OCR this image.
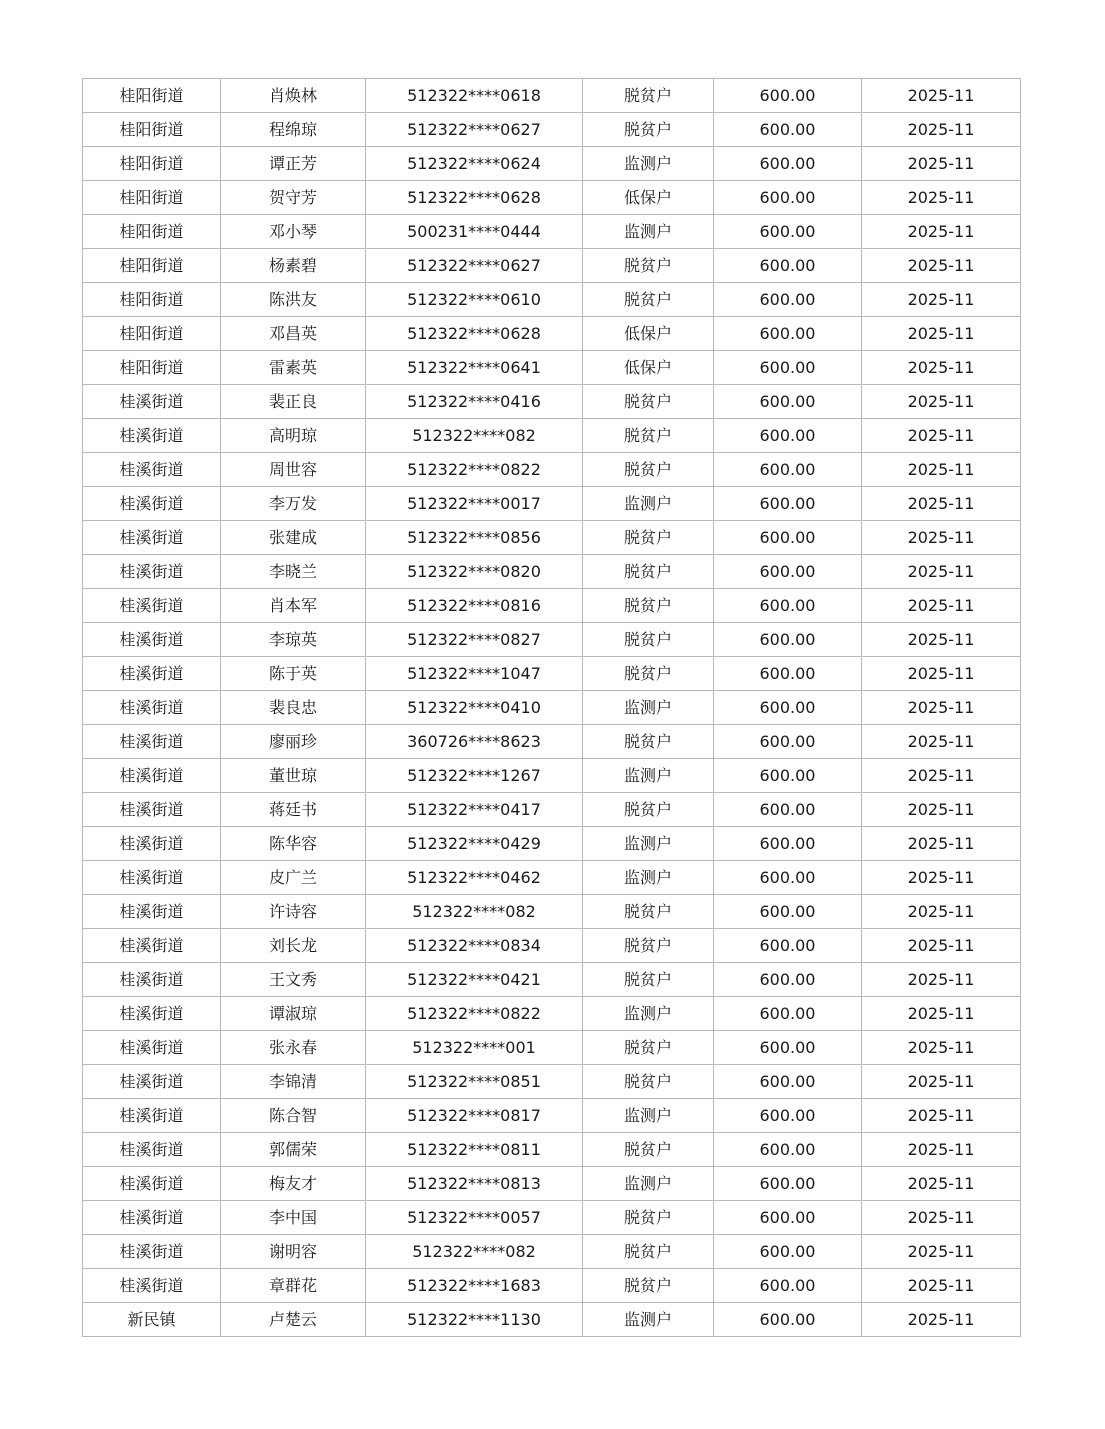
桂阳街道	肖焕林	512322****0618	脱贫户	600.00	2025-11
桂阳街道	程绵琼	512322****0627	脱贫户	600.00	2025-11
桂阳街道	谭正芳	512322****0624	监测户	600.00	2025-11
桂阳街道	贺守芳	512322****0628	低保户	600.00	2025-11
桂阳街道	邓小琴	500231****0444	监测户	600.00	2025-11
桂阳街道	杨素碧	512322****0627	脱贫户	600.00	2025-11
桂阳街道	陈洪友	512322****0610	脱贫户	600.00	2025-11
桂阳街道	邓昌英	512322****0628	低保户	600.00	2025-11
桂阳街道	雷素英	512322****0641	低保户	600.00	2025-11
桂溪街道	裴正良	512322****0416	脱贫户	600.00	2025-11
桂溪街道	高明琼	512322****082	脱贫户	600.00	2025-11
桂溪街道	周世容	512322****0822	脱贫户	600.00	2025-11
桂溪街道	李万发	512322****0017	监测户	600.00	2025-11
桂溪街道	张建成	512322****0856	脱贫户	600.00	2025-11
桂溪街道	李晓兰	512322****0820	脱贫户	600.00	2025-11
桂溪街道	肖本军	512322****0816	脱贫户	600.00	2025-11
桂溪街道	李琼英	512322****0827	脱贫户	600.00	2025-11
桂溪街道	陈于英	512322****1047	脱贫户	600.00	2025-11
桂溪街道	裴良忠	512322****0410	监测户	600.00	2025-11
桂溪街道	廖丽珍	360726****8623	脱贫户	600.00	2025-11
桂溪街道	董世琼	512322****1267	监测户	600.00	2025-11
桂溪街道	蒋廷书	512322****0417	脱贫户	600.00	2025-11
桂溪街道	陈华容	512322****0429	监测户	600.00	2025-11
桂溪街道	皮广兰	512322****0462	监测户	600.00	2025-11
桂溪街道	许诗容	512322****082	脱贫户	600.00	2025-11
桂溪街道	刘长龙	512322****0834	脱贫户	600.00	2025-11
桂溪街道	王文秀	512322****0421	脱贫户	600.00	2025-11
桂溪街道	谭淑琼	512322****0822	监测户	600.00	2025-11
桂溪街道	张永春	512322****001	脱贫户	600.00	2025-11
桂溪街道	李锦清	512322****0851	脱贫户	600.00	2025-11
桂溪街道	陈合智	512322****0817	监测户	600.00	2025-11
桂溪街道	郭儒荣	512322****0811	脱贫户	600.00	2025-11
桂溪街道	梅友才	512322****0813	监测户	600.00	2025-11
桂溪街道	李中国	512322****0057	脱贫户	600.00	2025-11
桂溪街道	谢明容	512322****082	脱贫户	600.00	2025-11
桂溪街道	章群花	512322****1683	脱贫户	600.00	2025-11
新民镇	卢楚云	512322****1130	监测户	600.00	2025-11
